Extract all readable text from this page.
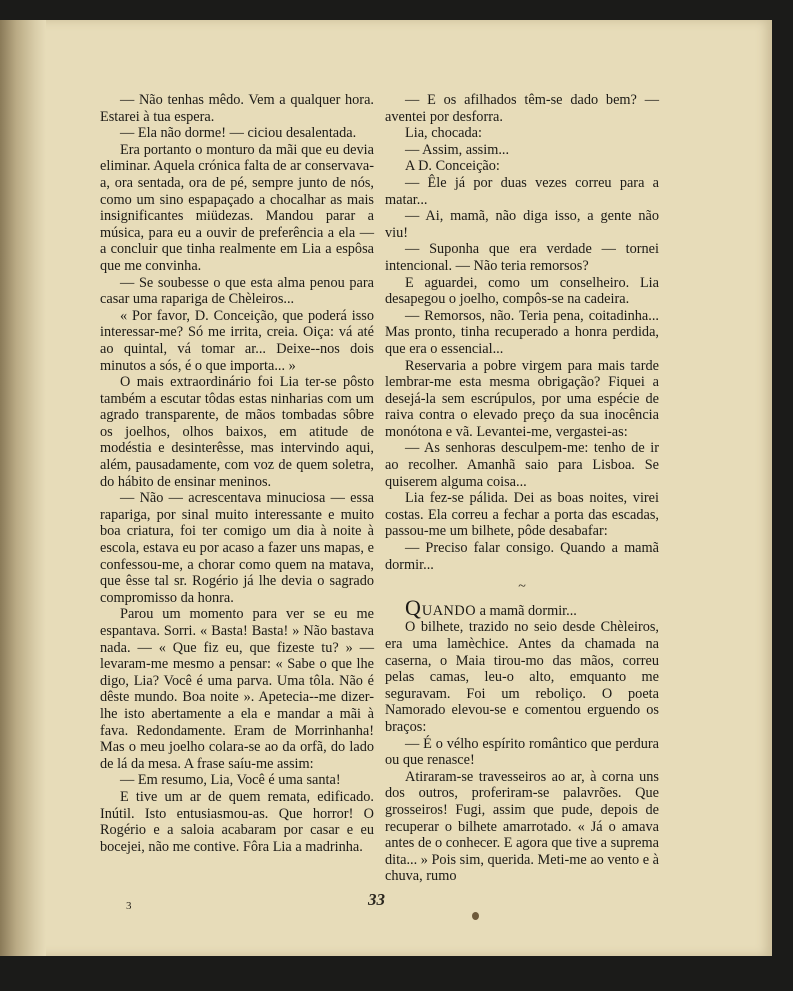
— Não tenhas mêdo. Vem a qualquer hora. Estarei à tua espera.

— Ela não dorme! — ciciou desalentada.

Era portanto o monturo da mãi que eu devia eliminar. Aquela crónica falta de ar conservava-a, ora sentada, ora de pé, sempre junto de nós, como um sino espapaçado a chocalhar as mais insignificantes miüdezas. Mandou parar a música, para eu a ouvir de preferência a ela — a concluir que tinha realmente em Lia a espôsa que me convinha.

— Se soubesse o que esta alma penou para casar uma rapariga de Chèleiros...

« Por favor, D. Conceição, que poderá isso interessar-me? Só me irrita, creia. Oiça: vá até ao quintal, vá tomar ar... Deixe--nos dois minutos a sós, é o que importa... »

O mais extraordinário foi Lia ter-se pôsto também a escutar tôdas estas ninharias com um agrado transparente, de mãos tombadas sôbre os joelhos, olhos baixos, em atitude de modéstia e desinterêsse, mas intervindo aqui, além, pausadamente, com voz de quem soletra, do hábito de ensinar meninos.

— Não — acrescentava minuciosa — essa rapariga, por sinal muito interessante e muito boa criatura, foi ter comigo um dia à noite à escola, estava eu por acaso a fazer uns mapas, e confessou-me, a chorar como quem na matava, que êsse tal sr. Rogério já lhe devia o sagrado compromisso da honra.

Parou um momento para ver se eu me espantava. Sorri. « Basta! Basta! » Não bastava nada. — « Que fiz eu, que fizeste tu? » — levaram-me mesmo a pensar: « Sabe o que lhe digo, Lia? Você é uma parva. Uma tôla. Não é dêste mundo. Boa noite ». Apetecia--me dizer-lhe isto abertamente a ela e mandar a mãi à fava. Redondamente. Eram de Morrinhanha! Mas o meu joelho colara-se ao da orfã, do lado de lá da mesa. A frase saíu-me assim:

— Em resumo, Lia, Você é uma santa!

E tive um ar de quem remata, edificado. Inútil. Isto entusiasmou-as. Que horror! O Rogério e a saloia acabaram por casar e eu bocejei, não me contive. Fôra Lia a madrinha.

— E os afilhados têm-se dado bem? — aventei por desforra.

Lia, chocada:

— Assim, assim...

A D. Conceição:

— Êle já por duas vezes correu para a matar...

— Ai, mamã, não diga isso, a gente não viu!

— Suponha que era verdade — tornei intencional. — Não teria remorsos?

E aguardei, como um conselheiro. Lia desapegou o joelho, compôs-se na cadeira.

— Remorsos, não. Teria pena, coitadinha... Mas pronto, tinha recuperado a honra perdida, que era o essencial...

Reservaria a pobre virgem para mais tarde lembrar-me esta mesma obrigação? Fiquei a desejá-la sem escrúpulos, por uma espécie de raiva contra o elevado preço da sua inocência monótona e vã. Levantei-me, vergastei-as:

— As senhoras desculpem-me: tenho de ir ao recolher. Amanhã saio para Lisboa. Se quiserem alguma coisa...

Lia fez-se pálida. Dei as boas noites, virei costas. Ela correu a fechar a porta das escadas, passou-me um bilhete, pôde desabafar:

— Preciso falar consigo. Quando a mamã dormir...

~

QUANDO a mamã dormir...

O bilhete, trazido no seio desde Chèleiros, era uma lamèchice. Antes da chamada na caserna, o Maia tirou-mo das mãos, correu pelas camas, leu-o alto, emquanto me seguravam. Foi um reboliço. O poeta Namorado elevou-se e comentou erguendo os braços:

— É o vélho espírito romântico que perdura ou que renasce!

Atiraram-se travesseiros ao ar, à corna uns dos outros, proferiram-se palavrões. Que grosseiros! Fugi, assim que pude, depois de recuperar o bilhete amarrotado. « Já o amava antes de o conhecer. E agora que tive a suprema dita... » Pois sim, querida. Meti-me ao vento e à chuva, rumo

3	33
